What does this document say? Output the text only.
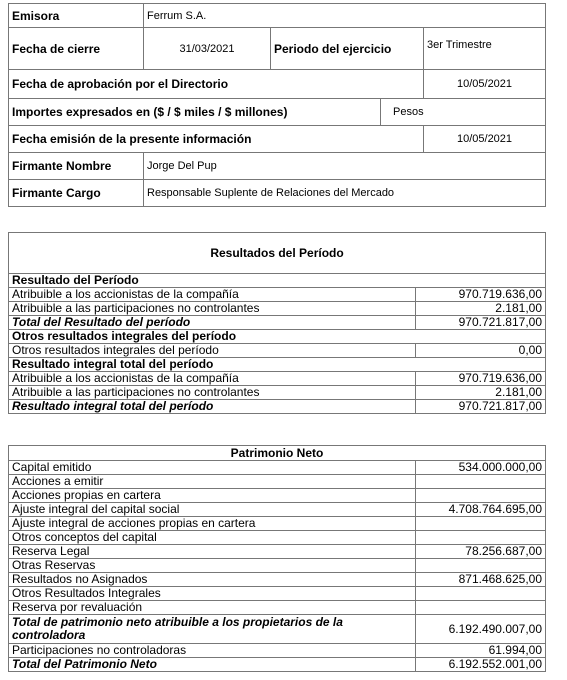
Emisora	Ferrum S.A.			
Fecha de cierre	31/03/2021	Periodo del ejercicio		3er Trimestre
Fecha de aprobación por el Directorio				10/05/2021
Importes expresados en ($ / $ miles / $ millones)			Pesos	
Fecha emisión de la presente información				10/05/2021
Firmante Nombre	Jorge Del Pup			
Firmante Cargo	Responsable Suplente de Relaciones del Mercado			
Resultados del Período	
Resultado del Período	
Atribuible a los accionistas de la compañía	970.719.636,00
Atribuible a las participaciones no controlantes	2.181,00
Total del Resultado del período	970.721.817,00
Otros resultados integrales del período	
Otros resultados integrales del período	0,00
Resultado integral total del período	
Atribuible a los accionistas de la compañía	970.719.636,00
Atribuible a las participaciones no controlantes	2.181,00
Resultado integral total del período	970.721.817,00
Patrimonio Neto	
Capital emitido	534.000.000,00
Acciones a emitir	
Acciones propias en cartera	
Ajuste integral del capital social	4.708.764.695,00
Ajuste integral de acciones propias en cartera	
Otros conceptos del capital	
Reserva Legal	78.256.687,00
Otras Reservas	
Resultados no Asignados	871.468.625,00
Otros Resultados Integrales	
Reserva por revaluación	
Total de patrimonio neto atribuible a los propietarios de la controladora	6.192.490.007,00
Participaciones no controladoras	61.994,00
Total del Patrimonio Neto	6.192.552.001,00
